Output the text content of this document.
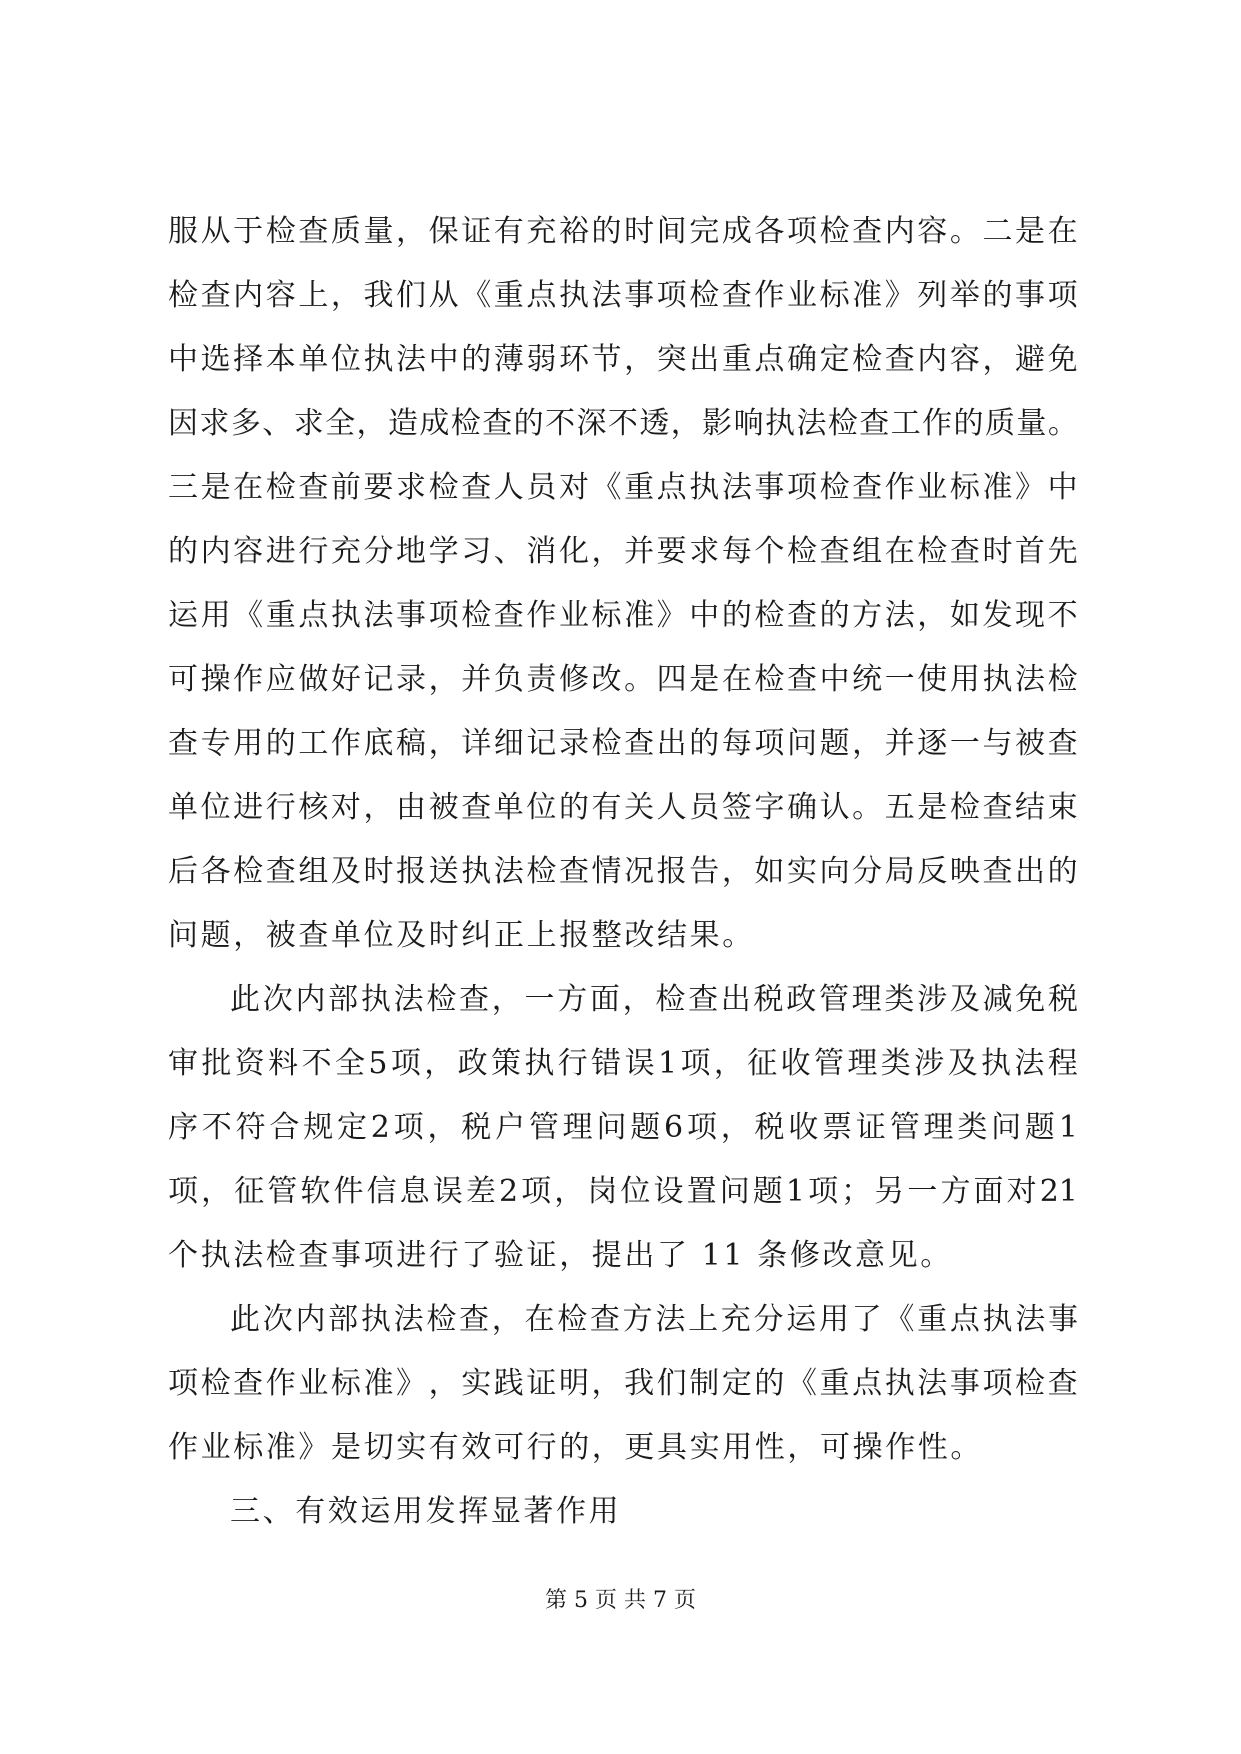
服 从 于 检 查 质 量 ， 保 证 有 充 裕 的 时 间 完 成 各 项 检 查 内 容 。 二 是 在
检 查 内 容 上 ， 我 们 从 《 重 点 执 法 事 项 检 查 作 业 标 准 》 列 举 的 事 项
中 选 择 本 单 位 执 法 中 的 薄 弱 环 节 ， 突 出 重 点 确 定 检 查 内 容 ， 避 免
因 求 多 、 求 全 ， 造 成 检 查 的 不 深 不 透 ， 影 响 执 法 检 查 工 作 的 质 量 。
三 是 在 检 查 前 要 求 检 查 人 员 对 《 重 点 执 法 事 项 检 查 作 业 标 准 》 中
的 内 容 进 行 充 分 地 学 习 、 消 化 ， 并 要 求 每 个 检 查 组 在 检 查 时 首 先
运 用 《 重 点 执 法 事 项 检 查 作 业 标 准 》 中 的 检 查 的 方 法 ， 如 发 现 不
可 操 作 应 做 好 记 录 ， 并 负 责 修 改 。 四 是 在 检 查 中 统 一 使 用 执 法 检
查 专 用 的 工 作 底 稿 ， 详 细 记 录 检 查 出 的 每 项 问 题 ， 并 逐 一 与 被 查
单 位 进 行 核 对 ， 由 被 查 单 位 的 有 关 人 员 签 字 确 认 。 五 是 检 查 结 束
后 各 检 查 组 及 时 报 送 执 法 检 查 情 况 报 告 ， 如 实 向 分 局 反 映 查 出 的
问题，被查单位及时纠正上报整改结果。
此 次 内 部 执 法 检 查 ， 一 方 面 ， 检 查 出 税 政 管 理 类 涉 及 减 免 税
审 批 资 料 不 全 5 项 ， 政 策 执 行 错 误 1 项 ， 征 收 管 理 类 涉 及 执 法 程
序 不 符 合 规 定 2 项 ， 税 户 管 理 问 题 6 项 ， 税 收 票 证 管 理 类 问 题 1
项 ， 征 管 软 件 信 息 误 差 2 项 ， 岗 位 设 置 问 题 1 项 ； 另 一 方 面 对 21
个执法检查事项进行了验证，提出了 11 条修改意见。
此 次 内 部 执 法 检 查 ， 在 检 查 方 法 上 充 分 运 用 了 《 重 点 执 法 事
项 检 查 作 业 标 准 》 ， 实 践 证 明 ， 我 们 制 定 的 《 重 点 执 法 事 项 检 查
作业标准》是切实有效可行的，更具实用性，可操作性。
三、有效运用发挥显著作用
第 5 页 共 7 页
